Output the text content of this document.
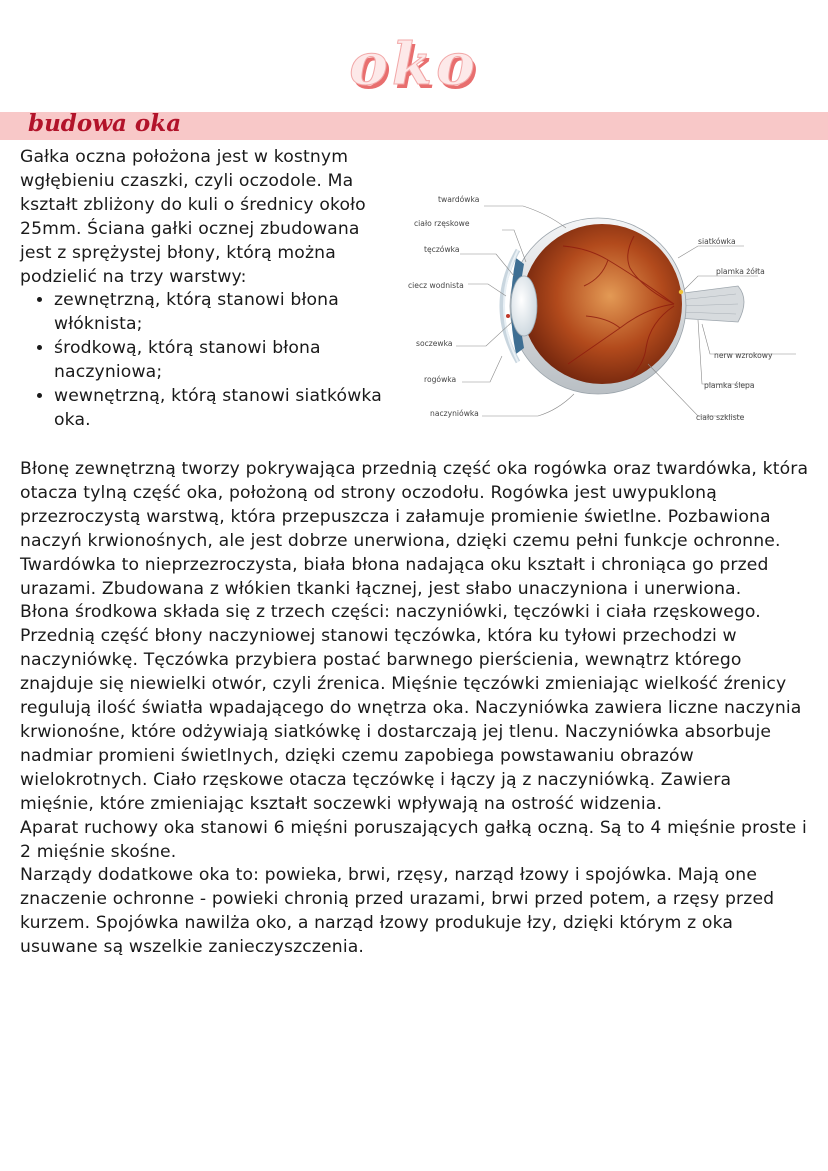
oko
budowa oka

Gałka oczna położona jest w kostnym wgłębieniu czaszki, czyli oczodole. Ma kształt zbliżony do kuli o średnicy około 25mm. Ściana gałki ocznej zbudowana jest z sprężystej błony, którą można podzielić na trzy warstwy:

• zewnętrzną, którą stanowi błona włóknista;
• środkową, którą stanowi błona naczyniowa;
• wewnętrzną, którą stanowi siatkówka oka.
twardówka
ciało rzęskowe
tęczówka
ciecz wodnista
soczewka
rogówka
naczyniówka
siatkówka
plamka żółta
nerw wzrokowy
plamka ślepa
ciało szkliste

Błonę zewnętrzną tworzy pokrywająca przednią część oka rogówka oraz twardówka, która otacza tylną część oka, położoną od strony oczodołu. Rogówka jest uwypukloną przezroczystą warstwą, która przepuszcza i załamuje promienie świetlne. Pozbawiona naczyń krwionośnych, ale jest dobrze unerwiona, dzięki czemu pełni funkcje ochronne. Twardówka to nieprzezroczysta, biała błona nadająca oku kształt i chroniąca go przed urazami. Zbudowana z włókien tkanki łącznej, jest słabo unaczyniona i unerwiona.

Błona środkowa składa się z trzech części: naczyniówki, tęczówki i ciała rzęskowego. Przednią część błony naczyniowej stanowi tęczówka, która ku tyłowi przechodzi w naczyniówkę. Tęczówka przybiera postać barwnego pierścienia, wewnątrz którego znajduje się niewielki otwór, czyli źrenica. Mięśnie tęczówki zmieniając wielkość źrenicy regulują ilość światła wpadającego do wnętrza oka. Naczyniówka zawiera liczne naczynia krwionośne, które odżywiają siatkówkę i dostarczają jej tlenu. Naczyniówka absorbuje nadmiar promieni świetlnych, dzięki czemu zapobiega powstawaniu obrazów wielokrotnych. Ciało rzęskowe otacza tęczówkę i łączy ją z naczyniówką. Zawiera mięśnie, które zmieniając kształt soczewki wpływają na ostrość widzenia.

Aparat ruchowy oka stanowi 6 mięśni poruszających gałką oczną. Są to 4 mięśnie proste i 2 mięśnie skośne.

Narządy dodatkowe oka to: powieka, brwi, rzęsy, narząd łzowy i spojówka. Mają one znaczenie ochronne - powieki chronią przed urazami, brwi przed potem, a rzęsy przed kurzem. Spojówka nawilża oko, a narząd łzowy produkuje łzy, dzięki którym z oka usuwane są wszelkie zanieczyszczenia.
